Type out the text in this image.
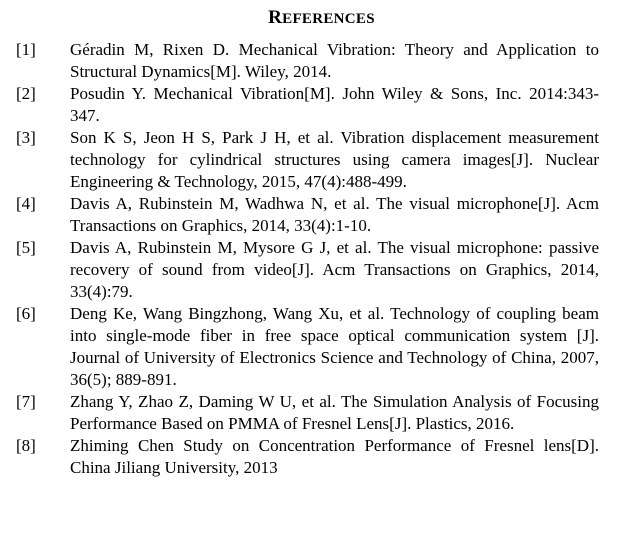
REFERENCES
[1]	Géradin M, Rixen D. Mechanical Vibration: Theory and Application to Structural Dynamics[M]. Wiley, 2014.
[2]	Posudin Y. Mechanical Vibration[M]. John Wiley & Sons, Inc. 2014:343-347.
[3]	Son K S, Jeon H S, Park J H, et al. Vibration displacement measurement technology for cylindrical structures using camera images[J]. Nuclear Engineering & Technology, 2015, 47(4):488-499.
[4]	Davis A, Rubinstein M, Wadhwa N, et al. The visual microphone[J]. Acm Transactions on Graphics, 2014, 33(4):1-10.
[5]	Davis A, Rubinstein M, Mysore G J, et al. The visual microphone: passive recovery of sound from video[J]. Acm Transactions on Graphics, 2014, 33(4):79.
[6]	Deng Ke, Wang Bingzhong, Wang Xu, et al. Technology of coupling beam into single-mode fiber in free space optical communication system [J]. Journal of University of Electronics Science and Technology of China, 2007, 36(5); 889-891.
[7]	Zhang Y, Zhao Z, Daming W U, et al. The Simulation Analysis of Focusing Performance Based on PMMA of Fresnel Lens[J]. Plastics, 2016.
[8]	Zhiming Chen Study on Concentration Performance of Fresnel lens[D]. China Jiliang University, 2013
